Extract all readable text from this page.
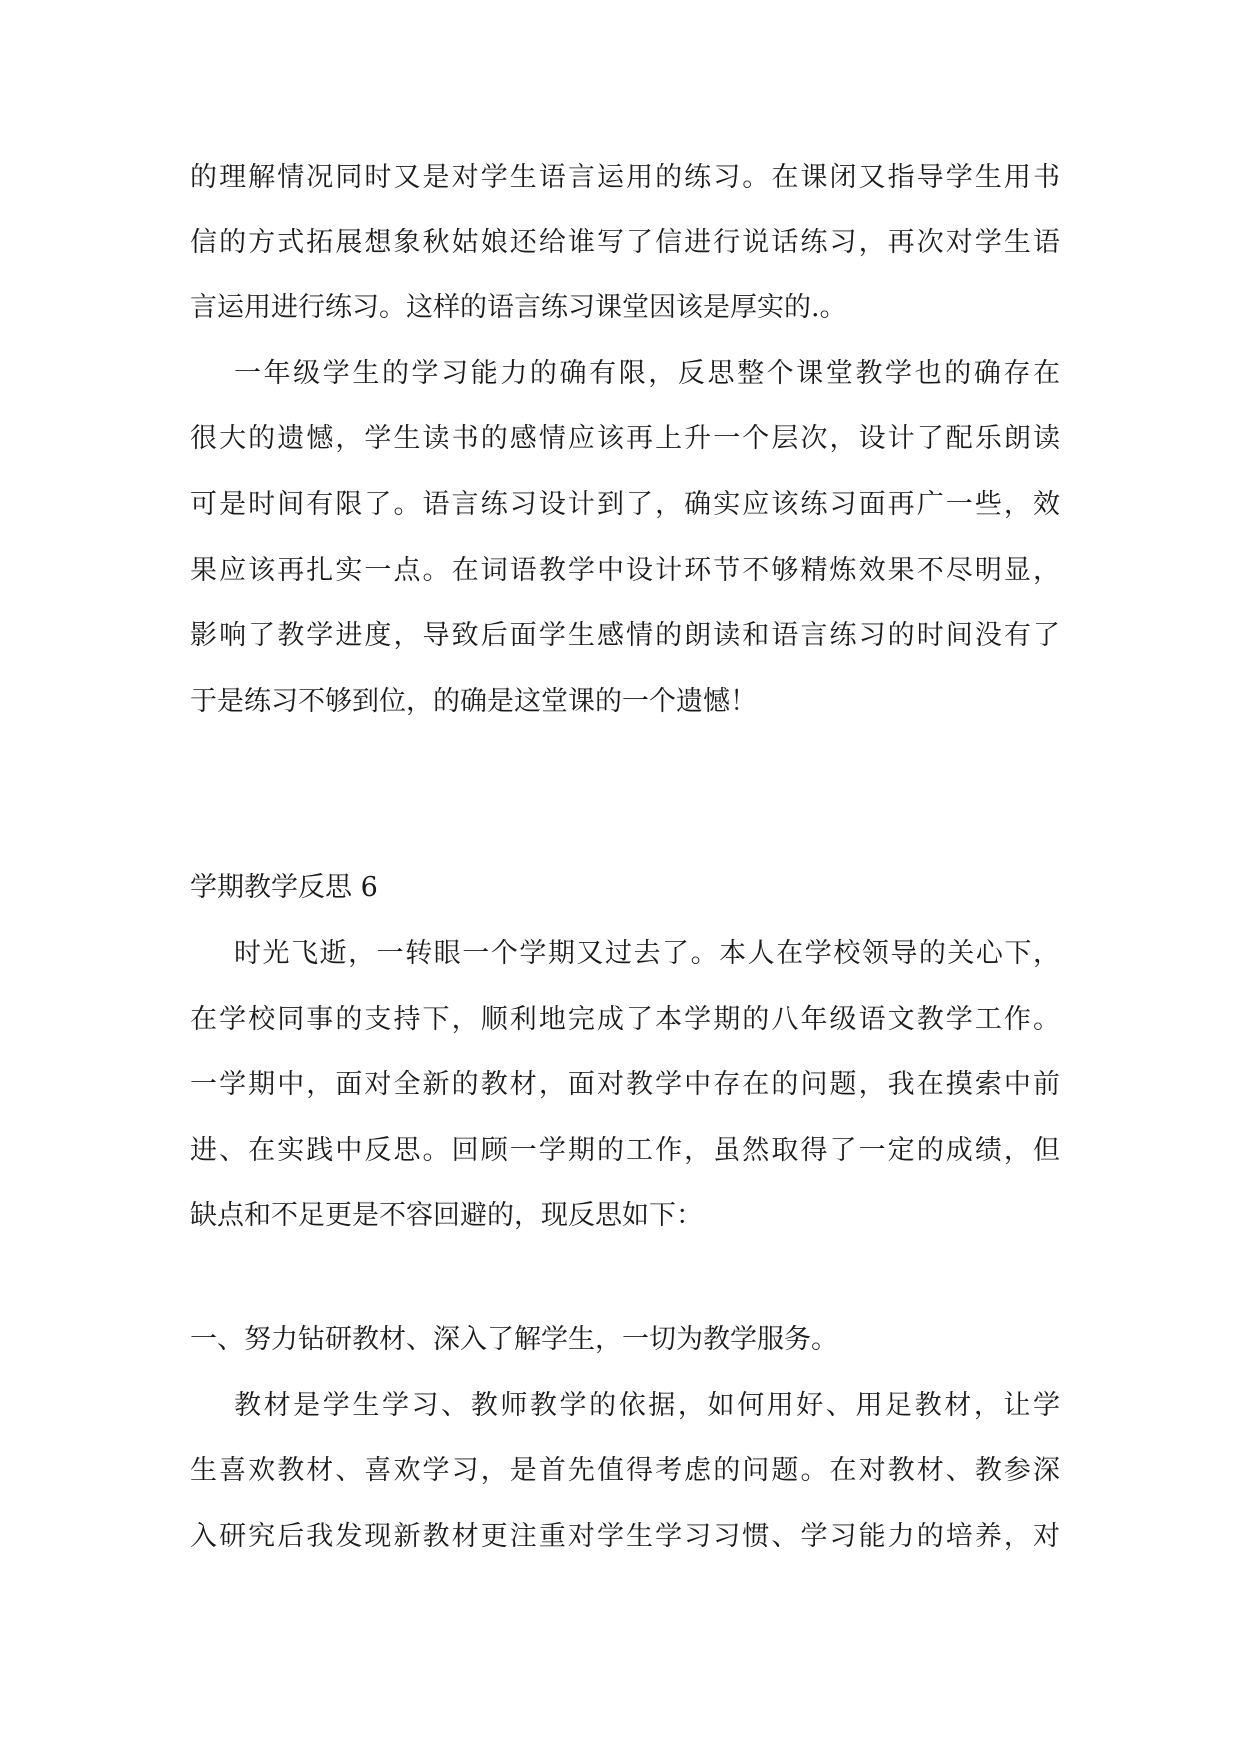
的理解情况同时又是对学生语言运用的练习。在课闭又指导学生用书
信的方式拓展想象秋姑娘还给谁写了信进行说话练习，再次对学生语
言运用进行练习。这样的语言练习课堂因该是厚实的.。
一年级学生的学习能力的确有限，反思整个课堂教学也的确存在
很大的遗憾，学生读书的感情应该再上升一个层次，设计了配乐朗读
可是时间有限了。语言练习设计到了，确实应该练习面再广一些，效
果应该再扎实一点。在词语教学中设计环节不够精炼效果不尽明显，
影响了教学进度，导致后面学生感情的朗读和语言练习的时间没有了
于是练习不够到位，的确是这堂课的一个遗憾！
学期教学反思 6
时光飞逝，一转眼一个学期又过去了。本人在学校领导的关心下，
在学校同事的支持下，顺利地完成了本学期的八年级语文教学工作。
一学期中，面对全新的教材，面对教学中存在的问题，我在摸索中前
进、在实践中反思。回顾一学期的工作，虽然取得了一定的成绩，但
缺点和不足更是不容回避的，现反思如下：
一、努力钻研教材、深入了解学生，一切为教学服务。
教材是学生学习、教师教学的依据，如何用好、用足教材，让学
生喜欢教材、喜欢学习，是首先值得考虑的问题。在对教材、教参深
入研究后我发现新教材更注重对学生学习习惯、学习能力的培养，对
